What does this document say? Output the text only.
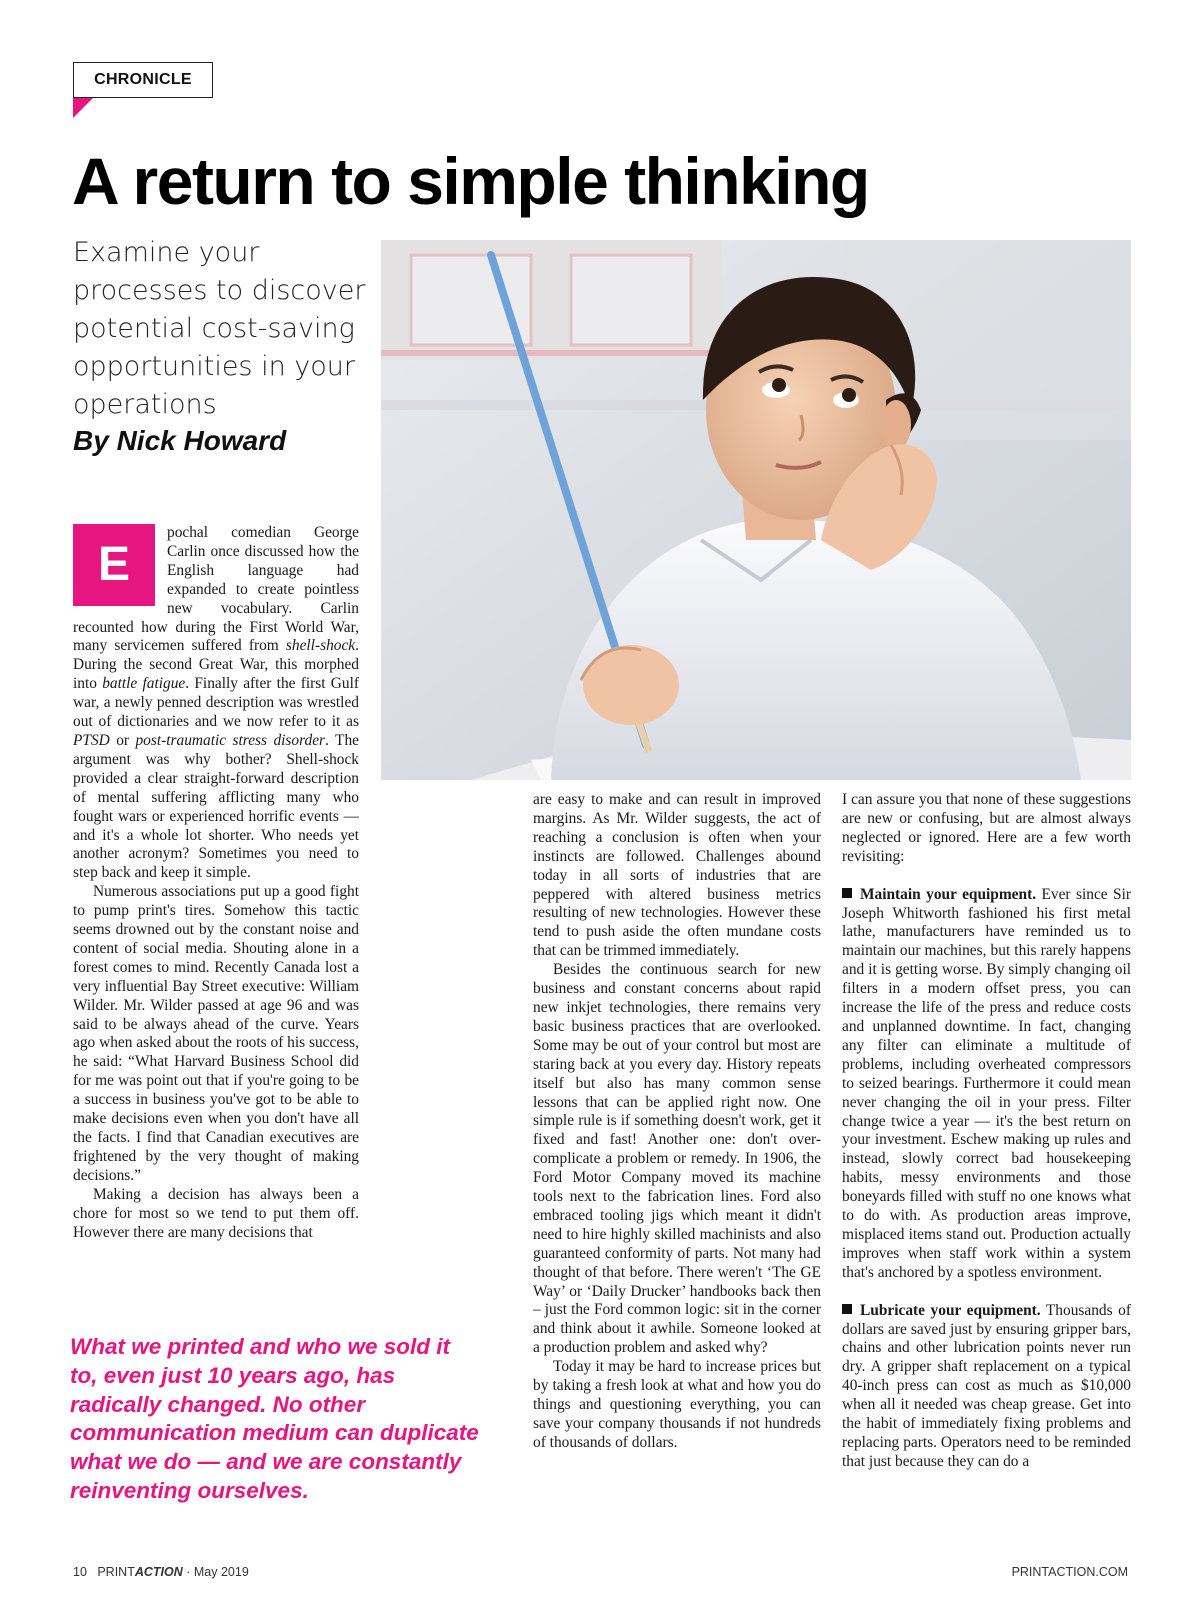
CHRONICLE
A return to simple thinking
Examine your
processes to discover
potential cost-saving
opportunities in your
operations
By Nick Howard
E

pochal comedian George Carlin once discussed how the English language had expanded to create pointless new vocabulary. Carlin recounted how during the First World War, many servicemen suffered from shell-shock. During the second Great War, this morphed into battle fatigue. Finally after the first Gulf war, a newly penned description was wrestled out of dictionaries and we now refer to it as PTSD or post-traumatic stress disorder. The argument was why bother? Shell-shock provided a clear straight-forward description of mental suffering afflicting many who fought wars or experienced horrific events — and it's a whole lot shorter. Who needs yet another acronym? Sometimes you need to step back and keep it simple.

Numerous associations put up a good fight to pump print's tires. Somehow this tactic seems drowned out by the constant noise and content of social media. Shouting alone in a forest comes to mind. Recently Canada lost a very influential Bay Street executive: William Wilder. Mr. Wilder passed at age 96 and was said to be always ahead of the curve. Years ago when asked about the roots of his success, he said: “What Harvard Business School did for me was point out that if you're going to be a success in business you've got to be able to make decisions even when you don't have all the facts. I find that Canadian executives are frightened by the very thought of making decisions.”

Making a decision has always been a chore for most so we tend to put them off. However there are many decisions that

are easy to make and can result in improved margins. As Mr. Wilder suggests, the act of reaching a conclusion is often when your instincts are followed. Challenges abound today in all sorts of industries that are peppered with altered business metrics resulting of new technologies. However these tend to push aside the often mundane costs that can be trimmed immediately.

Besides the continuous search for new business and constant concerns about rapid new inkjet technologies, there remains very basic business practices that are overlooked. Some may be out of your control but most are staring back at you every day. History repeats itself but also has many common sense lessons that can be applied right now. One simple rule is if something doesn't work, get it fixed and fast! Another one: don't over-complicate a problem or remedy. In 1906, the Ford Motor Company moved its machine tools next to the fabrication lines. Ford also embraced tooling jigs which meant it didn't need to hire highly skilled machinists and also guaranteed conformity of parts. Not many had thought of that before. There weren't ‘The GE Way’ or ‘Daily Drucker’ handbooks back then – just the Ford common logic: sit in the corner and think about it awhile. Someone looked at a production problem and asked why?

Today it may be hard to increase prices but by taking a fresh look at what and how you do things and questioning everything, you can save your company thousands if not hundreds of thousands of dollars.

I can assure you that none of these suggestions are new or confusing, but are almost always neglected or ignored. Here are a few worth revisiting:

Maintain your equipment. Ever since Sir Joseph Whitworth fashioned his first metal lathe, manufacturers have reminded us to maintain our machines, but this rarely happens and it is getting worse. By simply changing oil filters in a modern offset press, you can increase the life of the press and reduce costs and unplanned downtime. In fact, changing any filter can eliminate a multitude of problems, including overheated compressors to seized bearings. Furthermore it could mean never changing the oil in your press. Filter change twice a year — it's the best return on your investment. Eschew making up rules and instead, slowly correct bad housekeeping habits, messy environments and those boneyards filled with stuff no one knows what to do with. As production areas improve, misplaced items stand out. Production actually improves when staff work within a system that's anchored by a spotless environment.

Lubricate your equipment. Thousands of dollars are saved just by ensuring gripper bars, chains and other lubrication points never run dry. A gripper shaft replacement on a typical 40-inch press can cost as much as $10,000 when all it needed was cheap grease. Get into the habit of immediately fixing problems and replacing parts. Operators need to be reminded that just because they can do a

What we printed and who we sold it
to, even just 10 years ago, has
radically changed. No other
communication medium can duplicate
what we do — and we are constantly
reinventing ourselves.
10 PRINTACTION · May 2019	PRINTACTION.COM
